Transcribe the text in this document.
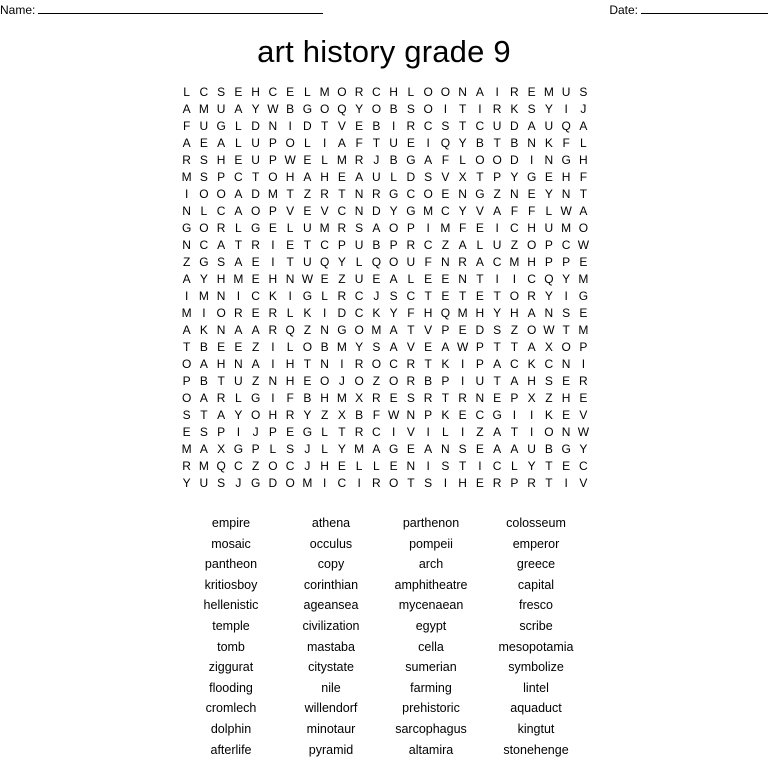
Name:	Date:
art history grade 9
L C S E H C E L M O R C H L O O N A I R E M U S
A M U A Y W B G O Q Y O B S O I T I R K S Y I	J
F U G L D N I D T V E B I R C S T C U D A U Q A
A E A L U P O L	I A F T U E I Q Y B T B N K F L
R S H E U P W E L M R J B G A F L O O D I N G H
M S P C T O H A H E A U L D S V X T P Y G E H F
I O O A D M T Z R T N R G C O E N G Z N E Y N T
N L C A O P V E V C N D Y G M C Y V A F F L W A
G O R L G E L U M R S A O P I M F E I C H U M O
N C A T R I E T C P U B P R C Z A L U Z O P C W
Z G S A E I T U Q Y L Q O U F N R A C M H P P E
A Y H M E H N W E Z U E A L E E N T I	I C Q Y M
I M N I C K I G L R C J S C T E T E T O R Y I G
M I O R E R L K I D C K Y F H Q M H Y H A N S E
A K N A A R Q Z N G O M A T V P E D S Z O W T M
T B E E Z I	L O B M Y S A V E A W P T T A X O P
O A H N A I H T N I R O C R T K I P A C K C N I
P B T U Z N H E O J O Z O R B P I U T A H S E R
O A R L G I F B H M X R E S R T R N E P X Z H E
S T A Y O H R Y Z X B F W N P K E C G I	I K E V
E S P I	J P E G L T R C I V I	L	I Z A T I O N W
M A X G P L S J L Y M A G E A N S E A A U B G Y
R M Q C Z O C J H E L L E N I S T I C L Y T E C
Y U S J G D O M I C I R O T S I H E R P R T I V
empire	athena	parthenon	colosseum
mosaic	occulus	pompeii	emperor
pantheon	copy	arch	greece
kritiosboy	corinthian	amphitheatre	capital
hellenistic	ageansea	mycenaean	fresco
temple	civilization	egypt	scribe
tomb	mastaba	cella	mesopotamia
ziggurat	citystate	sumerian	symbolize
flooding	nile	farming	lintel
cromlech	willendorf	prehistoric	aquaduct
dolphin	minotaur	sarcophagus	kingtut
afterlife	pyramid	altamira	stonehenge
